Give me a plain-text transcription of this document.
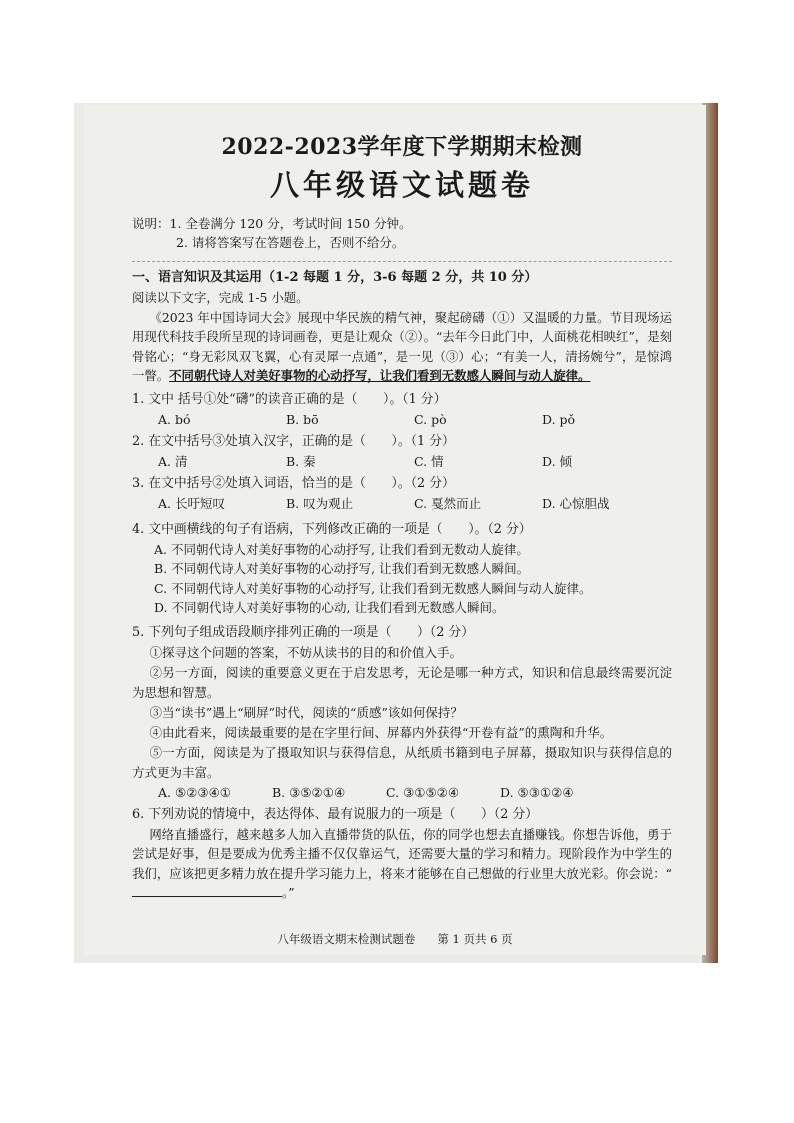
2022-2023学年度下学期期末检测
八年级语文试题卷
说明：1. 全卷满分 120 分，考试时间 150 分钟。
2. 请将答案写在答题卷上，否则不给分。
一、语言知识及其运用（1-2 每题 1 分，3-6 每题 2 分，共 10 分）
阅读以下文字，完成 1-5 小题。
《2023 年中国诗词大会》展现中华民族的精气神，聚起磅礴（①）又温暖的力量。节目现场运用现代科技手段所呈现的诗词画卷，更是让观众（②）。“去年今日此门中，人面桃花相映红”，是刻骨铭心；“身无彩凤双飞翼，心有灵犀一点通”，是一见（③）心；“有美一人，清扬婉兮”，是惊鸿一瞥。不同朝代诗人对美好事物的心动抒写，让我们看到无数感人瞬间与动人旋律。
1. 文中 括号①处“礴”的读音正确的是（　　）。（1 分）
A. bó	B. bō	C. pò	D. pǒ
2. 在文中括号③处填入汉字，正确的是（　　）。（1 分）
A. 清	B. 秦	C. 情	D. 倾
3. 在文中括号②处填入词语，恰当的是（　　）。（2 分）
A. 长吁短叹	B. 叹为观止	C. 戛然而止	D. 心惊胆战
4. 文中画横线的句子有语病，下列修改正确的一项是（　　）。（2 分）
A. 不同朝代诗人对美好事物的心动抒写, 让我们看到无数动人旋律。
B. 不同朝代诗人对美好事物的心动抒写, 让我们看到无数感人瞬间。
C. 不同朝代诗人对美好事物的心动抒写, 让我们看到无数感人瞬间与动人旋律。
D. 不同朝代诗人对美好事物的心动, 让我们看到无数感人瞬间。
5. 下列句子组成语段顺序排列正确的一项是（　　）（2 分）
①探寻这个问题的答案，不妨从读书的目的和价值入手。
②另一方面，阅读的重要意义更在于启发思考，无论是哪一种方式，知识和信息最终需要沉淀为思想和智慧。
③当“读书”遇上“刷屏”时代，阅读的“质感”该如何保持？
④由此看来，阅读最重要的是在字里行间、屏幕内外获得“开卷有益”的熏陶和升华。
⑤一方面，阅读是为了摄取知识与获得信息，从纸质书籍到电子屏幕，摄取知识与获得信息的方式更为丰富。
A. ⑤②③④①	B. ③⑤②①④	C. ③①⑤②④	D. ⑤③①②④
6. 下列劝说的情境中，表达得体、最有说服力的一项是（　　）（2 分）
网络直播盛行，越来越多人加入直播带货的队伍，你的同学也想去直播赚钱。你想告诉他，勇于尝试是好事，但是要成为优秀主播不仅仅靠运气，还需要大量的学习和精力。现阶段作为中学生的我们，应该把更多精力放在提升学习能力上，将来才能够在自己想做的行业里大放光彩。你会说：“。”
八年级语文期末检测试题卷 第 1 页共 6 页
